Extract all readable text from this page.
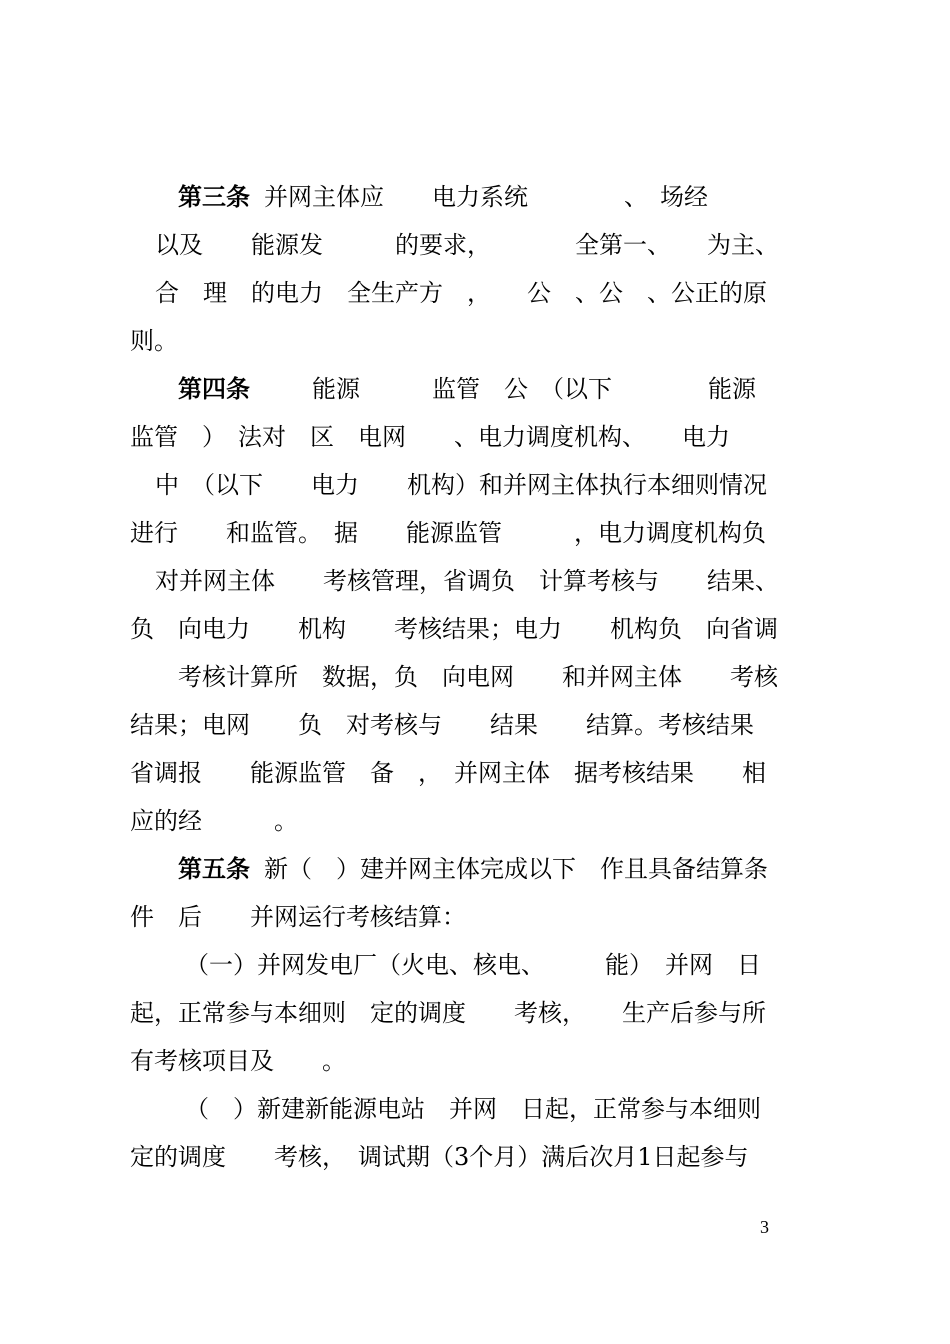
第三条 并网主体应　　电力系统　　　　、　场经
以及　　能源发　　　的要求，　　　　全第一、　　为主、
合　理　的电力　全生产方　，　　公　、公　、公正的原
则。
第四条　　能源　　　监管　公　（以下　　　　能源
监管　）　法对　区　电网　　、电力调度机构、　　电力
中　（以下　　电力　　机构）和并网主体执行本细则情况
进行　　和监管。　据　　能源监管　　　，电力调度机构负
对并网主体　　考核管理，省调负　计算考核与　　结果、
负　向电力　　机构　　考核结果；电力　　机构负　向省调
考核计算所　数据，负　向电网　　和并网主体　　考核
结果；电网　　负　对考核与　　结果　　结算。考核结果
省调报　　能源监管　备　，　并网主体　据考核结果　　相
应的经　　　。
第五条 新（　）建并网主体完成以下　作且具备结算条
件　后　　并网运行考核结算：
（一）并网发电厂（火电、核电、　　　能）　并网　日
起，正常参与本细则　定的调度　　考核，　　生产后参与所
有考核项目及　　。
（　）新建新能源电站　并网　日起，正常参与本细则
定的调度　　考核，　调试期（3个月）满后次月1日起参与
3
